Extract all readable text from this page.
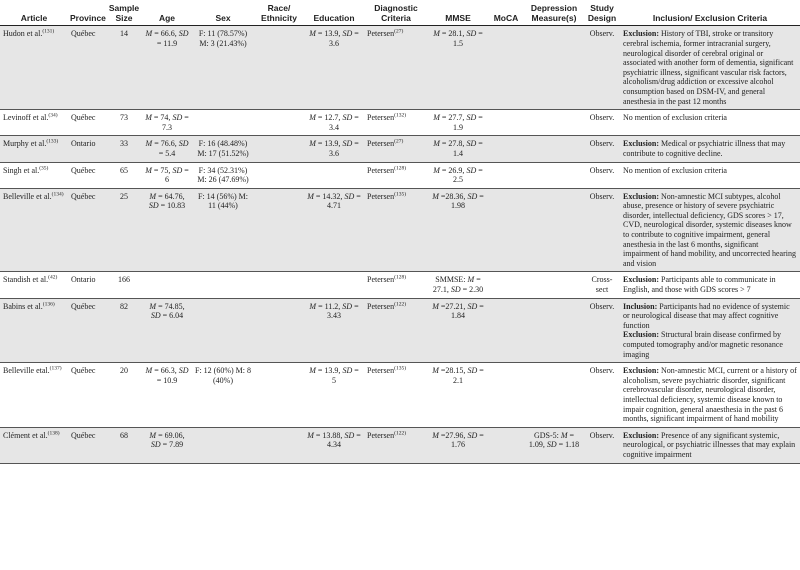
Article	Province	Sample Size	Age	Sex	Race/ Ethnicity	Education	Diagnostic Criteria	MMSE	MoCA	Depression Measure(s)	Study Design	Inclusion/ Exclusion Criteria
Hudon et al.$^{(131)}$	Québec	14	M = 66.6, SD = 11.9	F: 11 (78.57%) M: 3 (21.43%)		M = 13.9, SD = 3.6	Petersen$^{(27)}$	M = 28.1, SD = 1.5			Observ.	Exclusion: History of TBI, stroke or transitory cerebral ischemia, former intracranial surgery, neurological disorder of cerebral original or associated with another form of dementia, significant psychiatric illness, significant vascular risk factors, alcoholism/drug addiction or excessive alcohol consumption based on DSM-IV, and general anesthesia in the past 12 months
Levinoff et al.$^{(34)}$	Québec	73	M = 74, SD = 7.3			M = 12.7, SD = 3.4	Petersen$^{(132)}$	M = 27.7, SD = 1.9			Observ.	No mention of exclusion criteria
Murphy et al.$^{(133)}$	Ontario	33	M = 76.6, SD = 5.4	F: 16 (48.48%) M: 17 (51.52%)		M = 13.9, SD = 3.6	Petersen$^{(27)}$	M = 27.8, SD = 1.4			Observ.	Exclusion: Medical or psychiatric illness that may contribute to cognitive decline.
Singh et al.$^{(35)}$	Québec	65	M = 75, SD = 6	F: 34 (52.31%) M: 26 (47.69%)			Petersen$^{(128)}$	M = 26.9, SD = 2.5			Observ.	No mention of exclusion criteria
Belleville et al.$^{(134)}$	Québec	25	M = 64.76, SD = 10.83	F: 14 (56%) M: 11 (44%)		M = 14.32, SD = 4.71	Petersen$^{(135)}$	M =28.36, SD = 1.98			Observ.	Exclusion: Non-amnestic MCI subtypes, alcohol abuse, presence or history of severe psychiatric disorder, intellectual deficiency, GDS scores > 17, CVD, neurological disorder, systemic diseases know to contribute to cognitive impairment, general anesthesia in the last 6 months, significant impairment of hand mobility, and uncorrected hearing and vision
Standish et al.$^{(42)}$	Ontario	166					Petersen$^{(128)}$	SMMSE: M = 27.1, SD = 2.30			Cross- sect	Exclusion: Participants able to communicate in English, and those with GDS scores > 7
Babins et al.$^{(136)}$	Québec	82	M = 74.85, SD = 6.04			M = 11.2, SD = 3.43	Petersen$^{(122)}$	M =27.21, SD = 1.84			Observ.	Inclusion: Participants had no evidence of systemic or neurological disease that may affect cognitive function
Exclusion: Structural brain disease confirmed by computed tomography and/or magnetic resonance imaging
Belleville etal.$^{(137)}$	Québec	20	M = 66.3, SD = 10.9	F: 12 (60%) M: 8 (40%)		M = 13.9, SD = 5	Petersen$^{(135)}$	M =28.15, SD = 2.1			Observ.	Exclusion: Non-amnestic MCI, current or a history of alcoholism, severe psychiatric disorder, significant cerebrovascular disorder, neurological disorder, intellectual deficiency, systemic disease known to impair cognition, general anaesthesia in the past 6 months, significant impairment of hand mobility
Clément et al.$^{(138)}$	Québec	68	M = 69.06, SD = 7.89			M = 13.88, SD = 4.34	Petersen$^{(122)}$	M =27.96, SD = 1.76		GDS-5: M = 1.09, SD = 1.18	Observ.	Exclusion: Presence of any significant systemic, neurological, or psychiatric illnesses that may explain cognitive impairment
